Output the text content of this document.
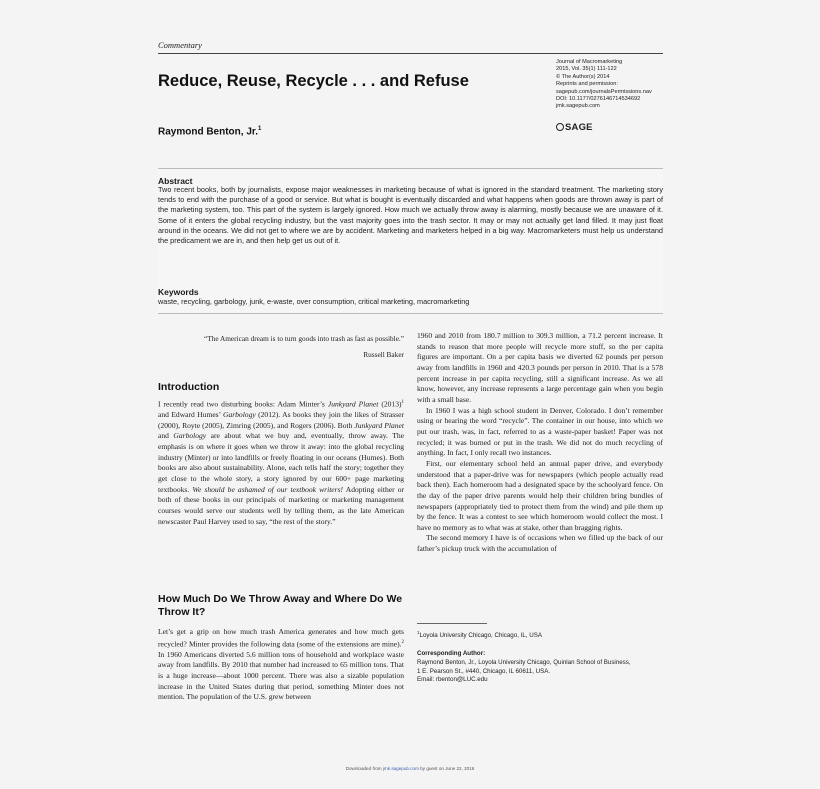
Commentary
Journal of Macromarketing
2015, Vol. 35(1) 111-122
© The Author(s) 2014
Reprints and permission:
sagepub.com/journalsPermissions.nav
DOI: 10.1177/0276146714534692
jmk.sagepub.com
SAGE
Reduce, Reuse, Recycle . . . and Refuse
Raymond Benton, Jr.$^1$
Abstract
Two recent books, both by journalists, expose major weaknesses in marketing because of what is ignored in the standard treatment. The marketing story tends to end with the purchase of a good or service. But what is bought is eventually discarded and what happens when goods are thrown away is part of the marketing system, too. This part of the system is largely ignored. How much we actually throw away is alarming, mostly because we are unaware of it. Some of it enters the global recycling industry, but the vast majority goes into the trash sector. It may or may not actually get land filled. It may just float around in the oceans. We did not get to where we are by accident. Marketing and marketers helped in a big way. Macromarketers must help us understand the predicament we are in, and then help get us out of it.
Keywords
waste, recycling, garbology, junk, e-waste, over consumption, critical marketing, macromarketing
“The American dream is to turn goods into trash as fast as possible.”
Russell Baker
Introduction

I recently read two disturbing books: Adam Minter’s Junkyard Planet $(2013)^1$ and Edward Humes’ Garbology (2012). As books they join the likes of Strasser (2000), Royte (2005), Zimring (2005), and Rogers (2006). Both Junkyard Planet and Garbology are about what we buy and, eventually, throw away. The emphasis is on where it goes when we throw it away: into the global recycling industry (Minter) or into landfills or freely floating in our oceans (Humes). Both books are also about sustainability. Alone, each tells half the story; together they get close to the whole story, a story ignored by our 600+ page marketing textbooks. We should be ashamed of our textbook writers! Adopting either or both of these books in our principals of marketing or marketing management courses would serve our students well by telling them, as the late American newscaster Paul Harvey used to say, “the rest of the story.”

How Much Do We Throw Away and Where Do We Throw It?

Let’s get a grip on how much trash America generates and how much gets recycled? Minter provides the following data (some of the extensions are mine).$^2$ In 1960 Americans diverted 5.6 million tons of household and workplace waste away from landfills. By 2010 that number had increased to 65 million tons. That is a huge increase—about 1000 percent. There was also a sizable population increase in the United States during that period, something Minter does not mention. The population of the U.S. grew between

1960 and 2010 from 180.7 million to 309.3 million, a 71.2 percent increase. It stands to reason that more people will recycle more stuff, so the per capita figures are important. On a per capita basis we diverted 62 pounds per person away from landfills in 1960 and 420.3 pounds per person in 2010. That is a 578 percent increase in per capita recycling, still a significant increase. As we all know, however, any increase represents a large percentage gain when you begin with a small base.

In 1960 I was a high school student in Denver, Colorado. I don’t remember using or hearing the word “recycle”. The container in our house, into which we put our trash, was, in fact, referred to as a waste-paper basket! Paper was not recycled; it was burned or put in the trash. We did not do much recycling of anything. In fact, I only recall two instances.

First, our elementary school held an annual paper drive, and everybody understood that a paper-drive was for newspapers (which people actually read back then). Each homeroom had a designated space by the schoolyard fence. On the day of the paper drive parents would help their children bring bundles of newspapers (appropriately tied to protect them from the wind) and pile them up by the fence. It was a contest to see which homeroom would collect the most. I have no memory as to what was at stake, other than bragging rights.

The second memory I have is of occasions when we filled up the back of our father’s pickup truck with the accumulation of

$^1$Loyola University Chicago, Chicago, IL, USA
Corresponding Author:
Raymond Benton, Jr., Loyola University Chicago, Quinlan School of Business,
1 E. Pearson St., #440, Chicago, IL 60611, USA.
Email: rbenton@LUC.edu
Downloaded from jmk.sagepub.com by guest on June 22, 2016
